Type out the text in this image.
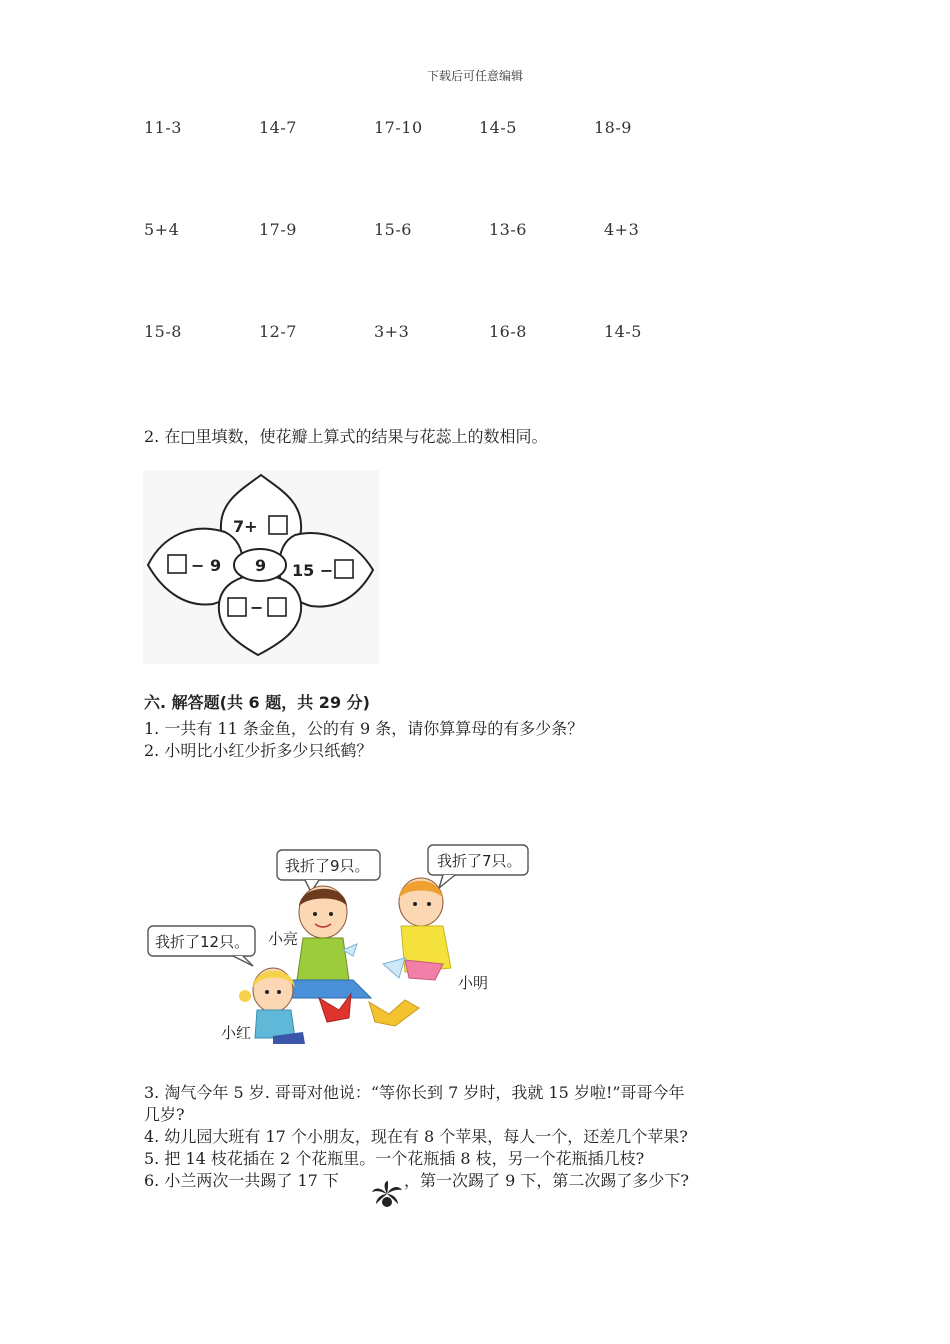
下载后可任意编辑
11-3	14-7	17-10	14-5	18-9
5+4	17-9	15-6	13-6	4+3
15-8	12-7	3+3	16-8	14-5
2. 在□里填数，使花瓣上算式的结果与花蕊上的数相同。
7+
− 9 9 15 −
−
六. 解答题(共 6 题，共 29 分)
1. 一共有 11 条金鱼，公的有 9 条，请你算算母的有多少条？
2. 小明比小红少折多少只纸鹤？
我折了9只。	我折了7只。
我折了12只。 小亮
小明
小红
3. 淘气今年 5 岁. 哥哥对他说：“等你长到 7 岁时，我就 15 岁啦!”哥哥今年
几岁?
4. 幼儿园大班有 17 个小朋友，现在有 8 个苹果，每人一个，还差几个苹果?
5. 把 14 枝花插在 2 个花瓶里。一个花瓶插 8 枝，另一个花瓶插几枝?
6. 小兰两次一共踢了 17 下	，第一次踢了 9 下，第二次踢了多少下?
